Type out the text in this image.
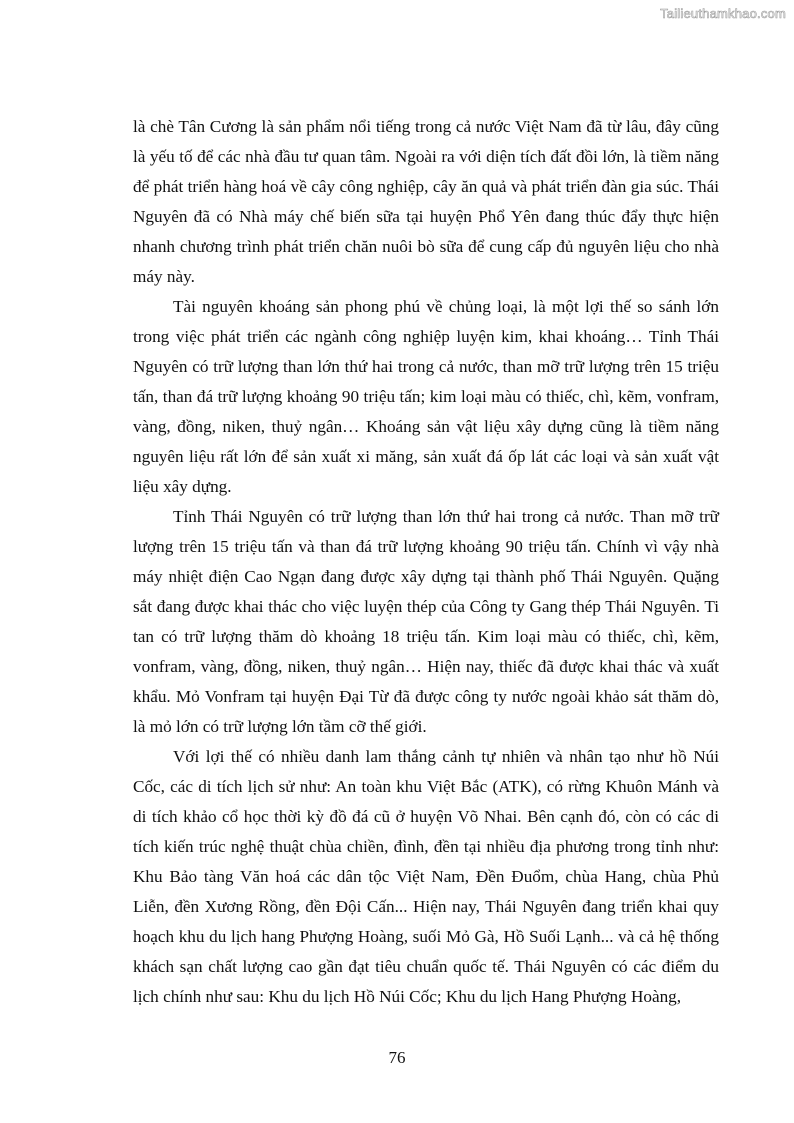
Tailieuthamkhao.com

là chè Tân Cương là sản phẩm nổi tiếng trong cả nước Việt Nam đã từ lâu, đây cũng là yếu tố để các nhà đầu tư quan tâm. Ngoài ra với diện tích đất đồi lớn, là tiềm năng để phát triển hàng hoá về cây công nghiệp, cây ăn quả và phát triển đàn gia súc. Thái Nguyên đã có Nhà máy chế biến sữa tại huyện Phổ Yên đang thúc đẩy thực hiện nhanh chương trình phát triển chăn nuôi bò sữa để cung cấp đủ nguyên liệu cho nhà máy này.

Tài nguyên khoáng sản phong phú về chủng loại, là một lợi thế so sánh lớn trong việc phát triển các ngành công nghiệp luyện kim, khai khoáng… Tỉnh Thái Nguyên có trữ lượng than lớn thứ hai trong cả nước, than mỡ trữ lượng trên 15 triệu tấn, than đá trữ lượng khoảng 90 triệu tấn; kim loại màu có thiếc, chì, kẽm, vonfram, vàng, đồng, niken, thuỷ ngân… Khoáng sản vật liệu xây dựng cũng là tiềm năng nguyên liệu rất lớn để sản xuất xi măng, sản xuất đá ốp lát các loại và sản xuất vật liệu xây dựng.

Tỉnh Thái Nguyên có trữ lượng than lớn thứ hai trong cả nước. Than mỡ trữ lượng trên 15 triệu tấn và than đá trữ lượng khoảng 90 triệu tấn. Chính vì vậy nhà máy nhiệt điện Cao Ngạn đang được xây dựng tại thành phố Thái Nguyên. Quặng sắt đang được khai thác cho việc luyện thép của Công ty Gang thép Thái Nguyên. Ti tan có trữ lượng thăm dò khoảng 18 triệu tấn. Kim loại màu có thiếc, chì, kẽm, vonfram, vàng, đồng, niken, thuỷ ngân… Hiện nay, thiếc đã được khai thác và xuất khẩu. Mỏ Vonfram tại huyện Đại Từ đã được công ty nước ngoài khảo sát thăm dò, là mỏ lớn có trữ lượng lớn tầm cỡ thế giới.

Với lợi thế có nhiều danh lam thắng cảnh tự nhiên và nhân tạo như hồ Núi Cốc, các di tích lịch sử như: An toàn khu Việt Bắc (ATK), có rừng Khuôn Mánh và di tích khảo cổ học thời kỳ đồ đá cũ ở huyện Võ Nhai. Bên cạnh đó, còn có các di tích kiến trúc nghệ thuật chùa chiền, đình, đền tại nhiều địa phương trong tỉnh như: Khu Bảo tàng Văn hoá các dân tộc Việt Nam, Đền Đuổm, chùa Hang, chùa Phủ Liễn, đền Xương Rồng, đền Đội Cấn... Hiện nay, Thái Nguyên đang triển khai quy hoạch khu du lịch hang Phượng Hoàng, suối Mỏ Gà, Hồ Suối Lạnh... và cả hệ thống khách sạn chất lượng cao gần đạt tiêu chuẩn quốc tế. Thái Nguyên có các điểm du lịch chính như sau: Khu du lịch Hồ Núi Cốc; Khu du lịch Hang Phượng Hoàng,

76
